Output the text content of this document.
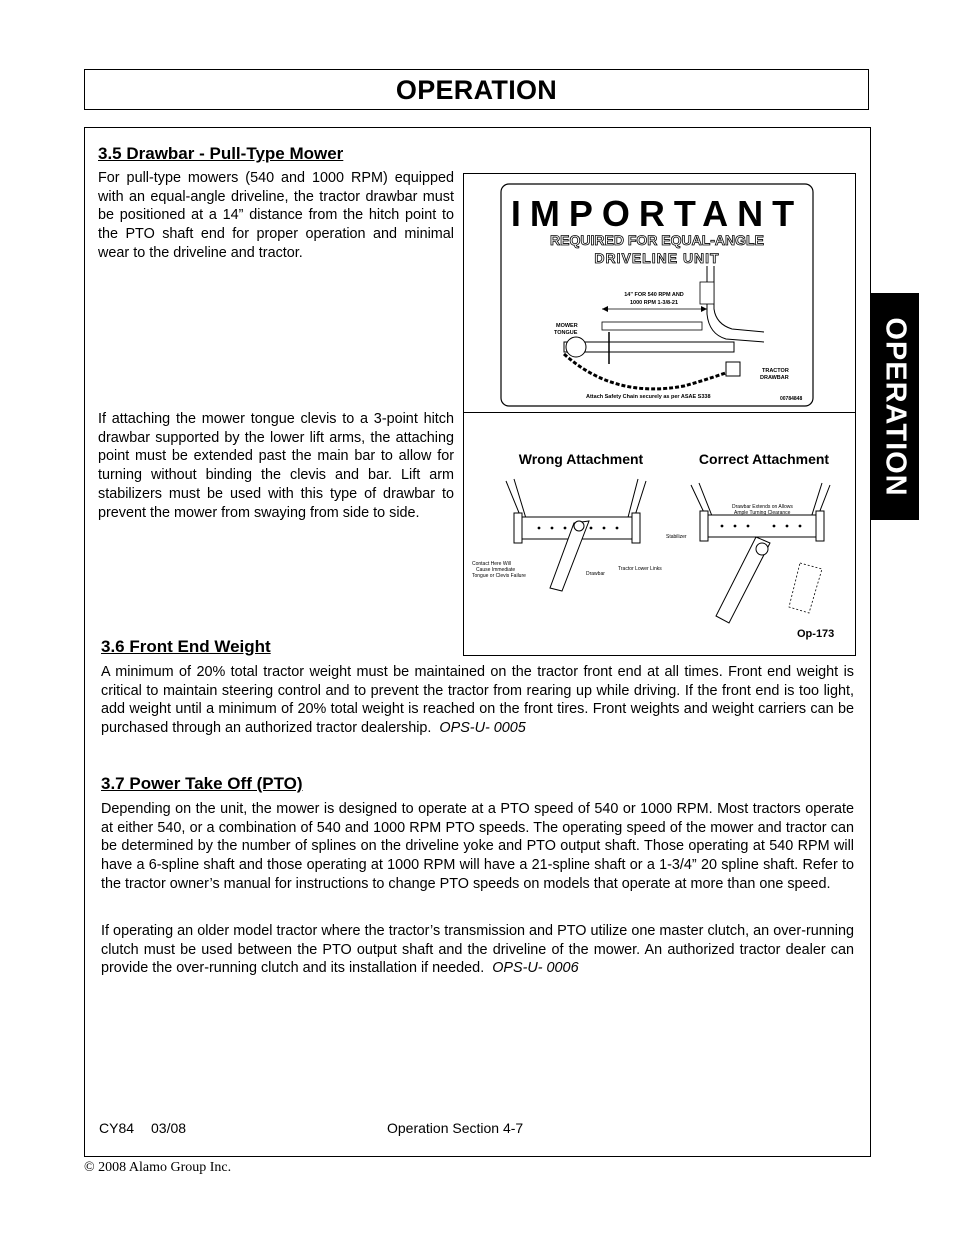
OPERATION
OPERATION
3.5 Drawbar - Pull-Type Mower
For pull-type mowers (540 and 1000 RPM) equipped with an equal-angle driveline, the tractor drawbar must be positioned at a 14” distance from the hitch point to the PTO shaft end for proper operation and minimal wear to the driveline and tractor.
If attaching the mower tongue clevis to a 3-point hitch drawbar supported by the lower lift arms, the attaching point must be extended past the main bar to allow for turning without binding the clevis and bar. Lift arm stabilizers must be used with this type of drawbar to prevent the mower from swaying from side to side.
IMPORTANT
REQUIRED FOR EQUAL-ANGLE
DRIVELINE UNIT
14" FOR 540 RPM AND
1000 RPM 1-3/8-21
MOWER
TONGUE
TRACTOR
DRAWBAR
Attach Safety Chain securely as per ASAE S338	00784848
Wrong Attachment	Correct Attachment
Contact Here Will
Cause Immediate
Tongue or Clevis Failure	Drawbar
Tractor Lower Links
Drawbar Extends on Allows
Ample Turning Clearance
Stabilizer
Op-173
3.6 Front End Weight
A minimum of 20% total tractor weight must be maintained on the tractor front end at all times. Front end weight is critical to maintain steering control and to prevent the tractor from rearing up while driving. If the front end is too light, add weight until a minimum of 20% total weight is reached on the front tires. Front weights and weight carriers can be purchased through an authorized tractor dealership. OPS-U- 0005
3.7 Power Take Off (PTO)
Depending on the unit, the mower is designed to operate at a PTO speed of 540 or 1000 RPM. Most tractors operate at either 540, or a combination of 540 and 1000 RPM PTO speeds. The operating speed of the mower and tractor can be determined by the number of splines on the driveline yoke and PTO output shaft. Those operating at 540 RPM will have a 6-spline shaft and those operating at 1000 RPM will have a 21-spline shaft or a 1-3/4” 20 spline shaft. Refer to the tractor owner’s manual for instructions to change PTO speeds on models that operate at more than one speed.
If operating an older model tractor where the tractor’s transmission and PTO utilize one master clutch, an over-running clutch must be used between the PTO output shaft and the driveline of the mower. An authorized tractor dealer can provide the over-running clutch and its installation if needed. OPS-U- 0006
CY84 03/08	Operation Section 4-7
© 2008 Alamo Group Inc.
